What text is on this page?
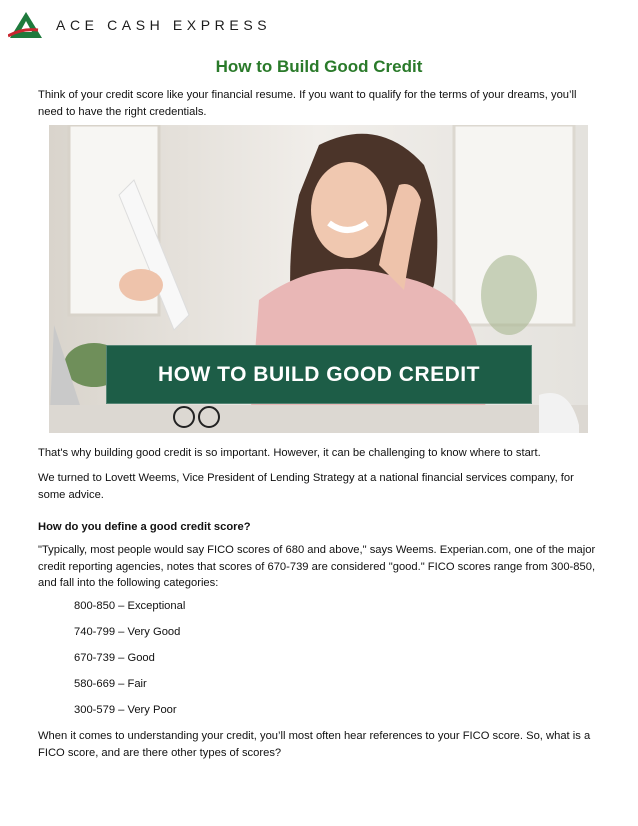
ACE CASH EXPRESS
How to Build Good Credit

Think of your credit score like your financial resume. If you want to qualify for the terms of your dreams, you’ll need to have the right credentials.

HOW TO BUILD GOOD CREDIT

That's why building good credit is so important. However, it can be challenging to know where to start.

We turned to Lovett Weems, Vice President of Lending Strategy at a national financial services company, for some advice.

How do you define a good credit score?

"Typically, most people would say FICO scores of 680 and above," says Weems. Experian.com, one of the major credit reporting agencies, notes that scores of 670-739 are considered "good." FICO scores range from 300-850, and fall into the following categories:

800-850 – Exceptional

740-799 – Very Good

670-739 – Good

580-669 – Fair

300-579 – Very Poor

When it comes to understanding your credit, you’ll most often hear references to your FICO score. So, what is a FICO score, and are there other types of scores?
